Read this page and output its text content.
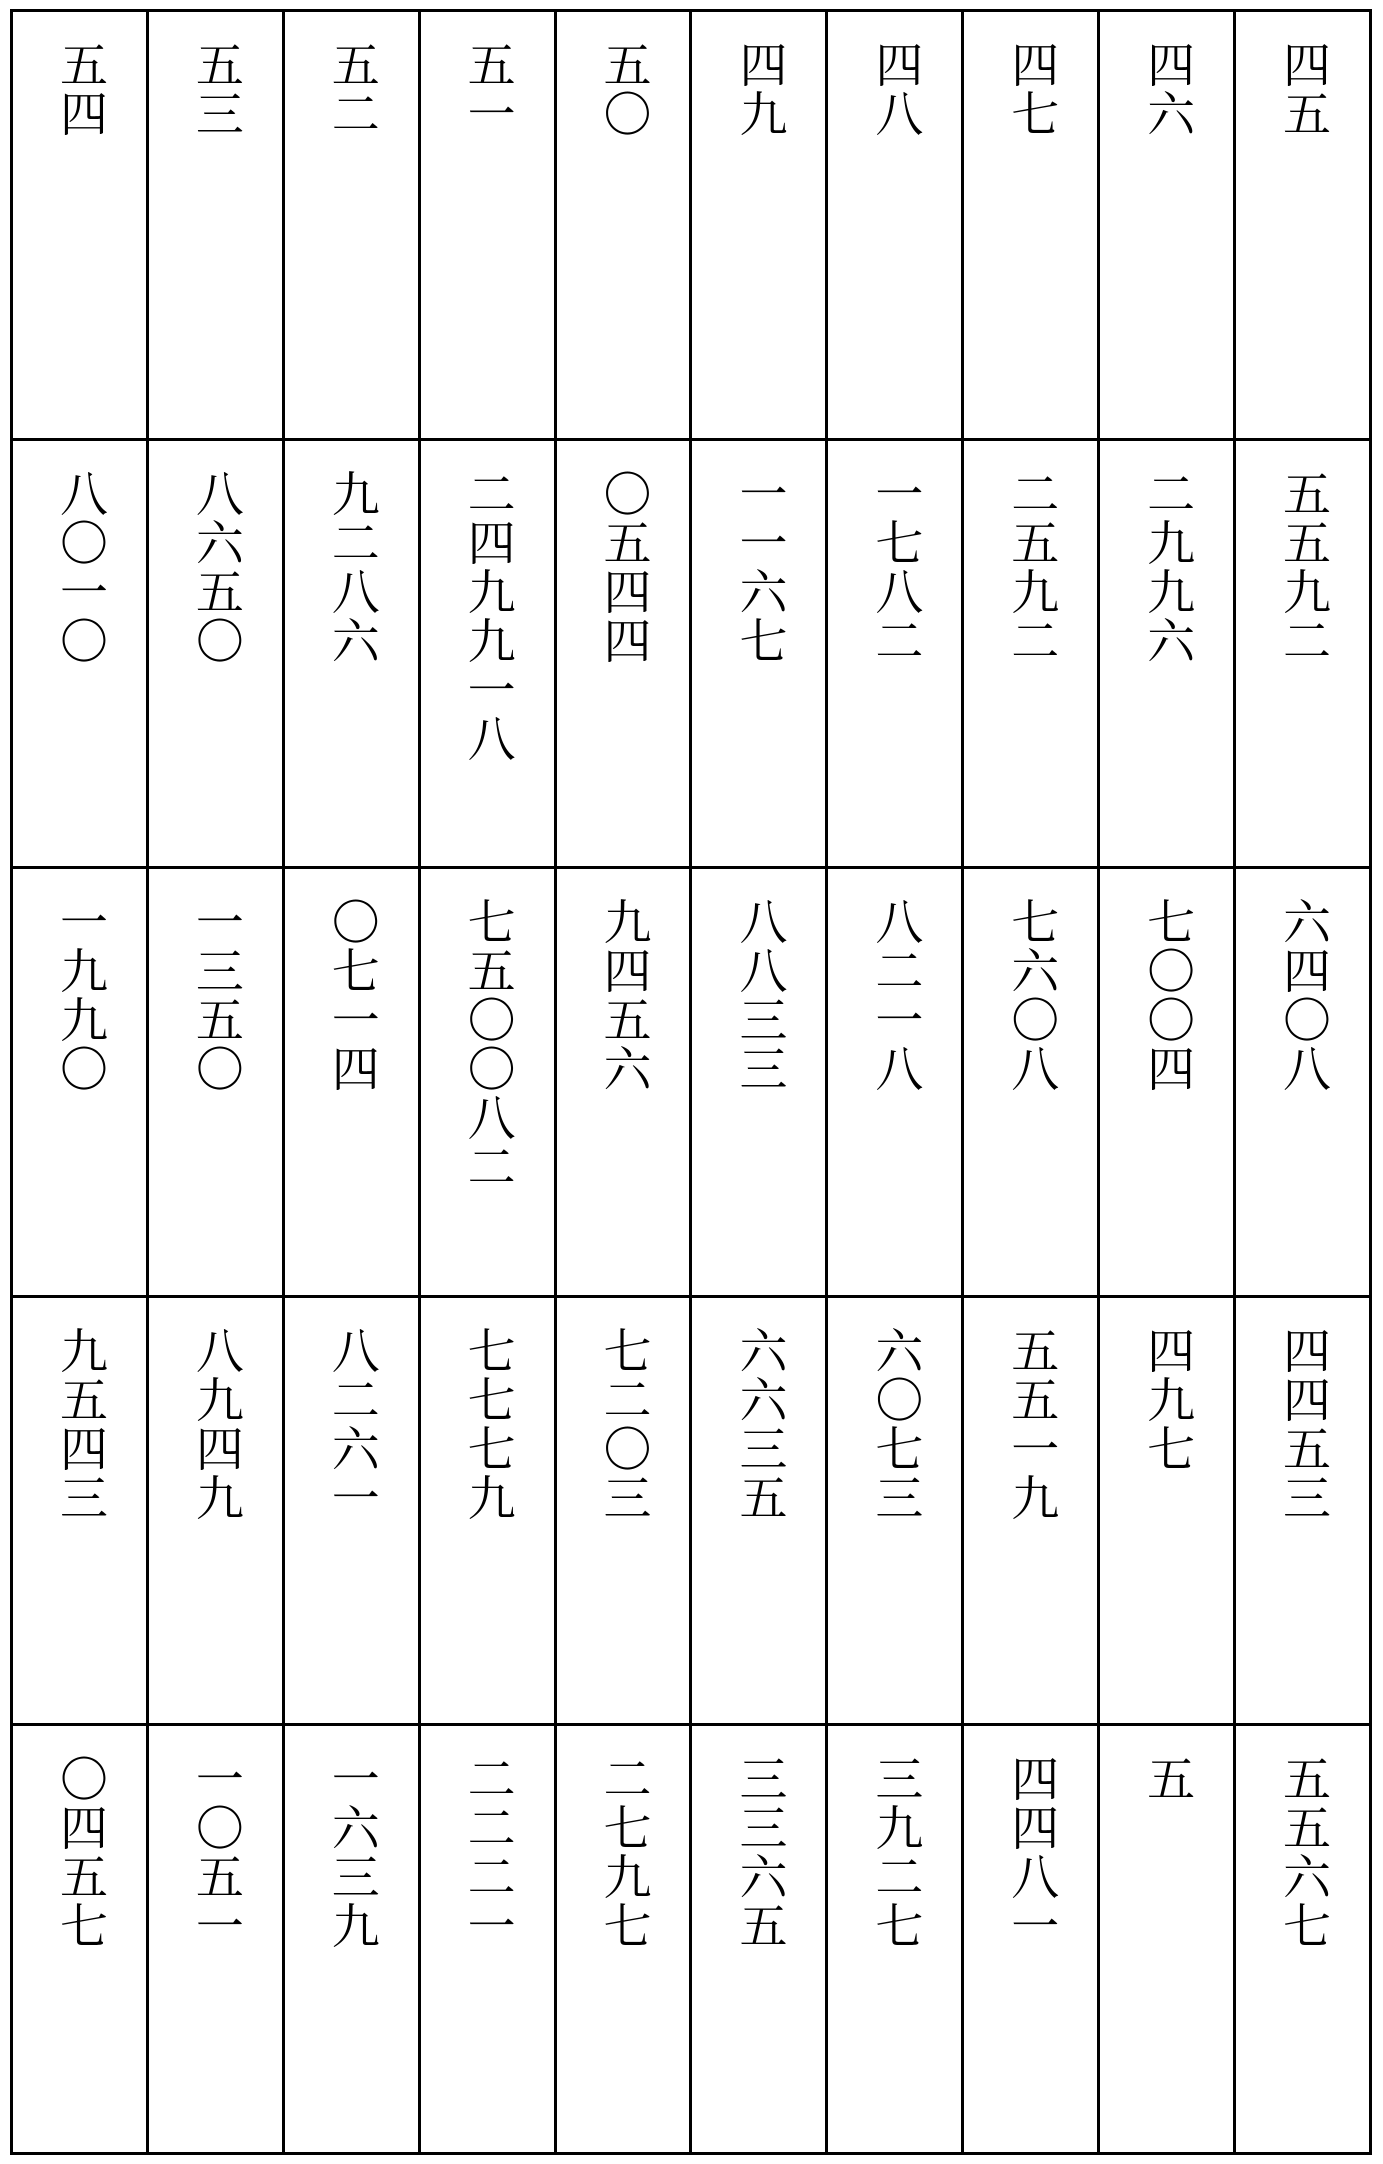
五四 五三 五二 五一 五〇 四九 四八 四七 四六 四五
八〇一〇 八六五〇 九二八六 二四九九一八 〇五四四 一一六七 一七八二 二五九二 二九九六 五五九二
一九九〇 一三五〇 〇七一四 七五〇〇八二 九四五六 八八三三 八二一八 七六〇八 七〇〇四 六四〇八
九五四三 八九四九 八二六一 七七七九 七二〇三 六六三五 六〇七三 五五一九 四九七 四四五三
〇四五七 一〇五一 一六三九 二二二一 二七九七 三三六五 三九二七 四四八一 五 五五六七
